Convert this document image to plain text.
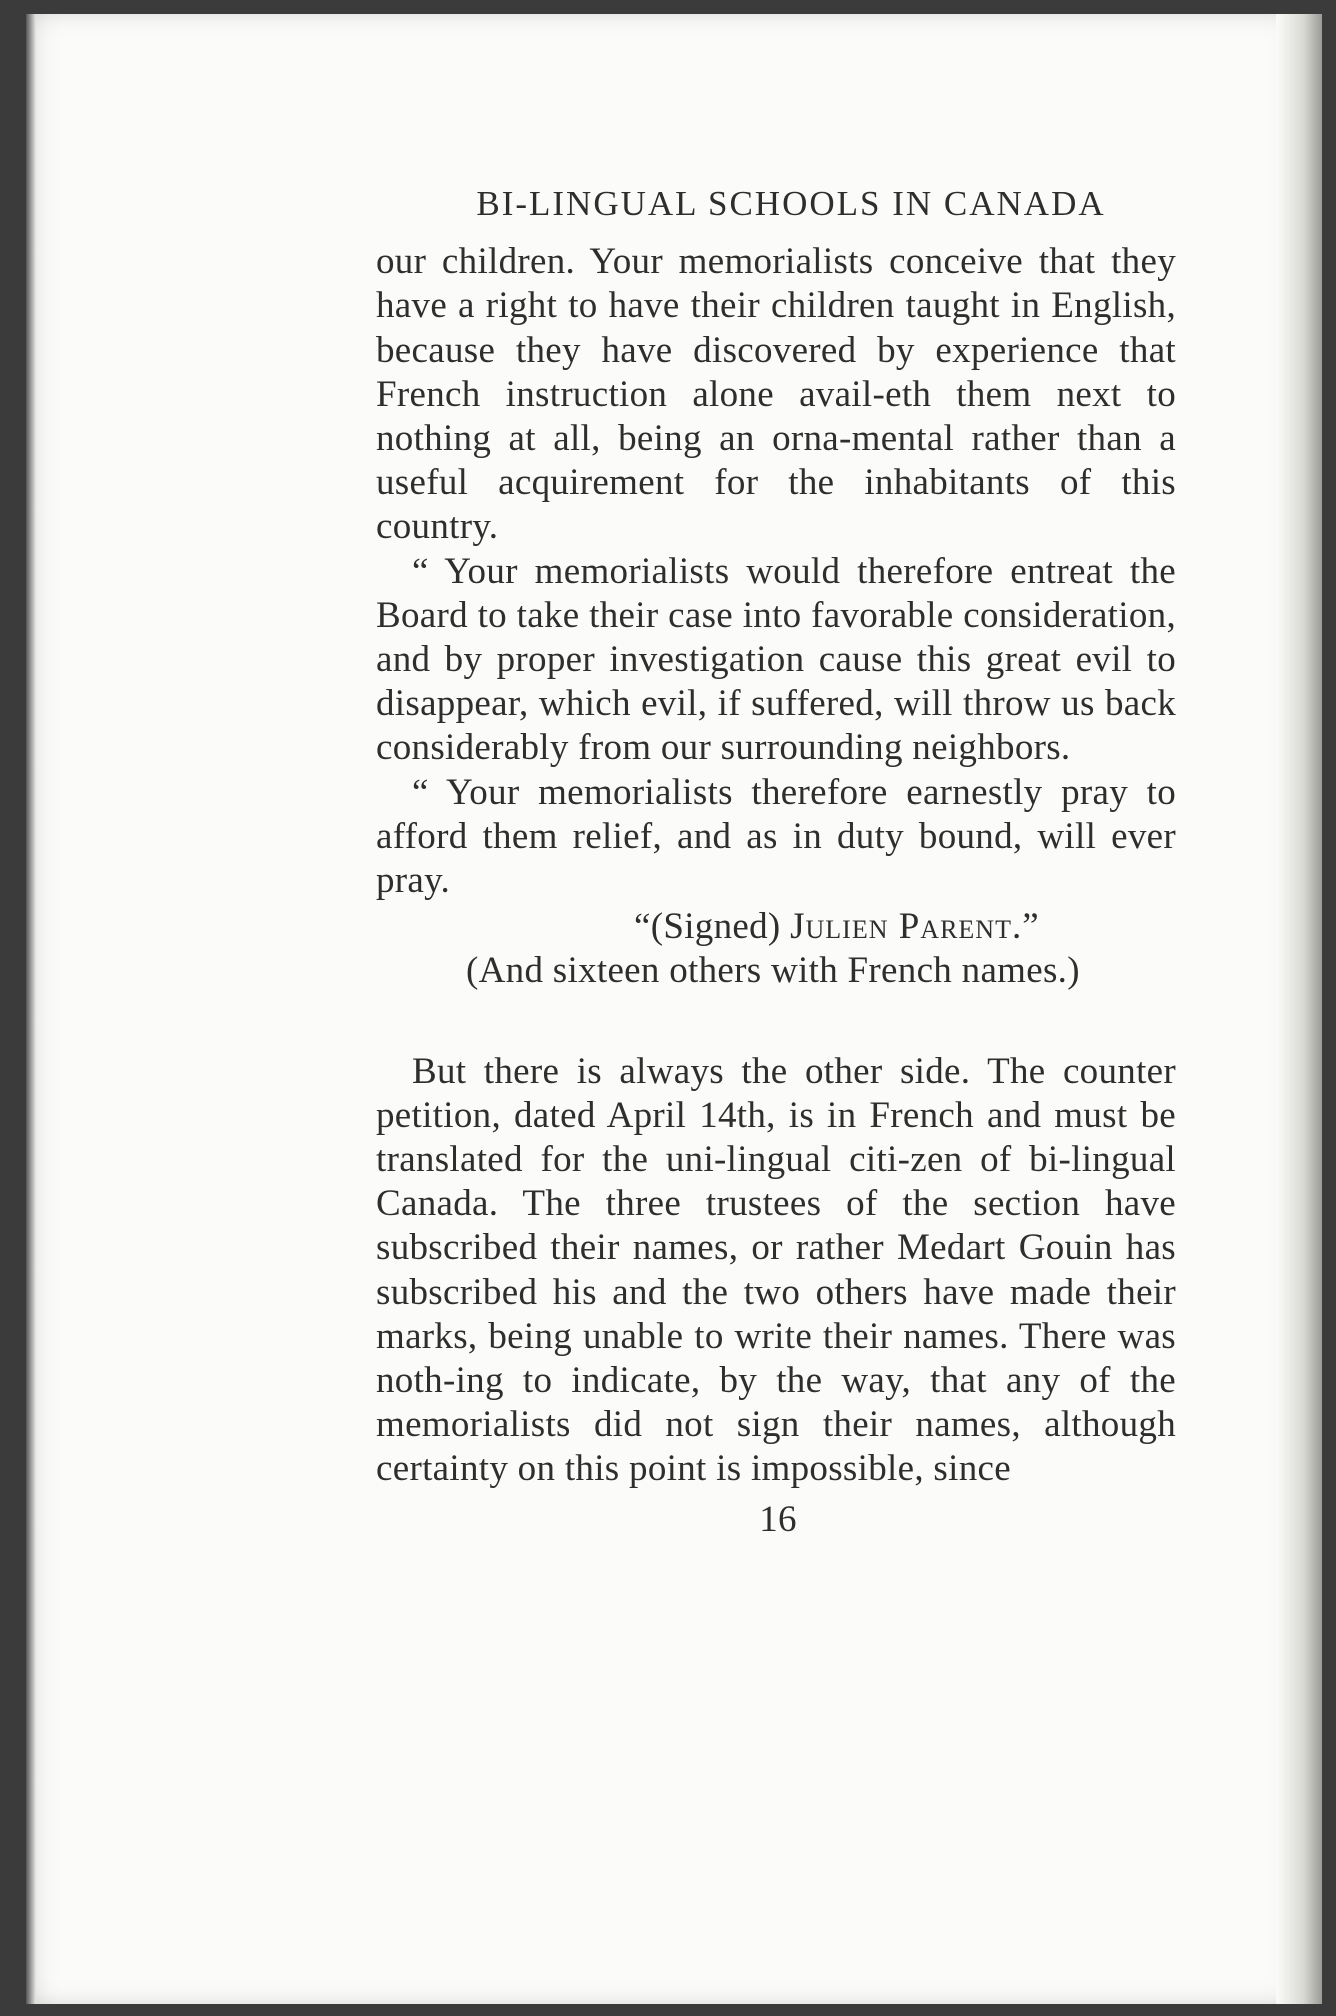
BI-LINGUAL SCHOOLS IN CANADA

our children. Your memorialists conceive that they have a right to have their children taught in English, because they have discovered by experience that French instruction alone avail-eth them next to nothing at all, being an orna-mental rather than a useful acquirement for the inhabitants of this country.

“ Your memorialists would therefore entreat the Board to take their case into favorable consideration, and by proper investigation cause this great evil to disappear, which evil, if suffered, will throw us back considerably from our surrounding neighbors.

“ Your memorialists therefore earnestly pray to afford them relief, and as in duty bound, will ever pray.

“(Signed) Julien Parent.”

(And sixteen others with French names.)

But there is always the other side. The counter petition, dated April 14th, is in French and must be translated for the uni-lingual citi-zen of bi-lingual Canada. The three trustees of the section have subscribed their names, or rather Medart Gouin has subscribed his and the two others have made their marks, being unable to write their names. There was noth-ing to indicate, by the way, that any of the memorialists did not sign their names, although certainty on this point is impossible, since

16
